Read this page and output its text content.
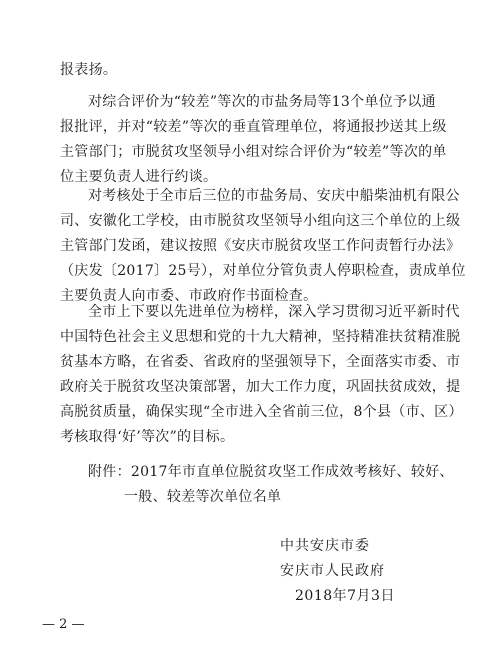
报表扬。
对综合评价为“较差”等次的市盐务局等13个单位予以通
报批评，并对“较差”等次的垂直管理单位，将通报抄送其上级
主管部门；市脱贫攻坚领导小组对综合评价为“较差”等次的单
位主要负责人进行约谈。
对考核处于全市后三位的市盐务局、安庆中船柴油机有限公
司、安徽化工学校，由市脱贫攻坚领导小组向这三个单位的上级
主管部门发函，建议按照《安庆市脱贫攻坚工作问责暂行办法》
（庆发〔2017〕25号），对单位分管负责人停职检查，责成单位
主要负责人向市委、市政府作书面检查。
全市上下要以先进单位为榜样，深入学习贯彻习近平新时代
中国特色社会主义思想和党的十九大精神，坚持精准扶贫精准脱
贫基本方略，在省委、省政府的坚强领导下，全面落实市委、市
政府关于脱贫攻坚决策部署，加大工作力度，巩固扶贫成效，提
高脱贫质量，确保实现“全市进入全省前三位，8个县（市、区）
考核取得‘好’等次”的目标。
附件：2017年市直单位脱贫攻坚工作成效考核好、较好、
一般、较差等次单位名单
中共安庆市委
安庆市人民政府
2018年7月3日
— 2 —
